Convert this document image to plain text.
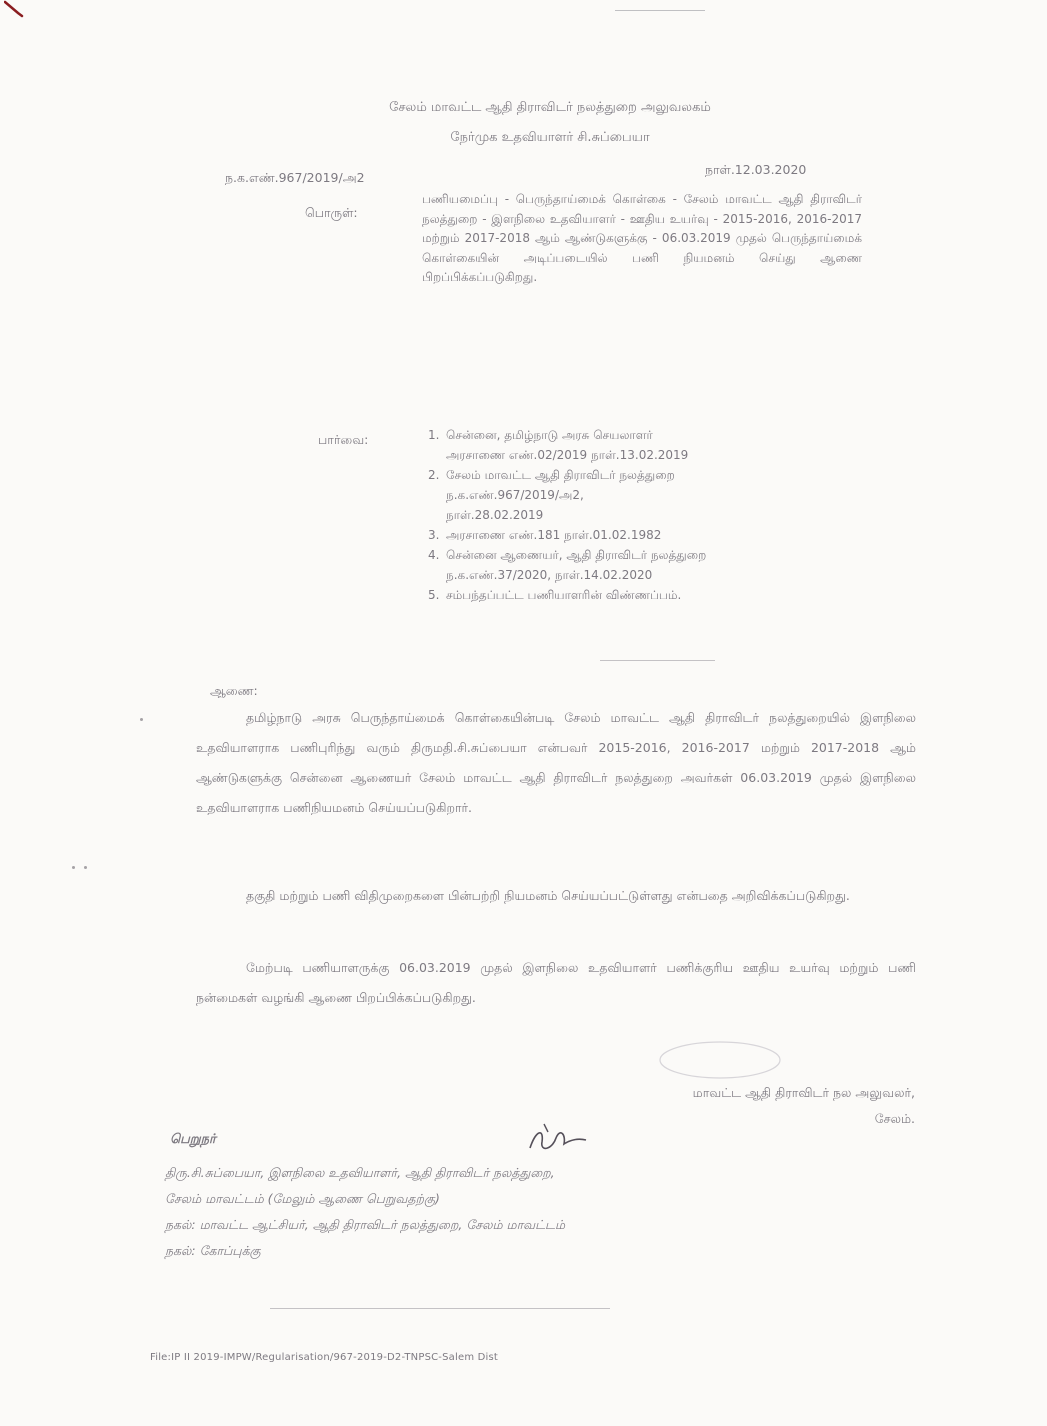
சேலம் மாவட்ட ஆதி திராவிடர் நலத்துறை அலுவலகம்
நேர்முக உதவியாளர் சி.சுப்பையா
ந.க.எண்.967/2019/அ2
நாள்.12.03.2020
பொருள்:
பணியமைப்பு - பெருந்தாய்மைக் கொள்கை - சேலம் மாவட்ட ஆதி திராவிடர் நலத்துறை - இளநிலை உதவியாளர் - ஊதிய உயர்வு - 2015-2016, 2016-2017 மற்றும் 2017-2018 ஆம் ஆண்டுகளுக்கு - 06.03.2019 முதல் பெருந்தாய்மைக் கொள்கையின் அடிப்படையில் பணி நியமனம் செய்து ஆணை பிறப்பிக்கப்படுகிறது.
பார்வை:	1. சென்னை, தமிழ்நாடு அரசு செயலாளர்
அரசாணை எண்.02/2019 நாள்.13.02.2019
2. சேலம் மாவட்ட ஆதி திராவிடர் நலத்துறை
ந.க.எண்.967/2019/அ2,
நாள்.28.02.2019
3. அரசாணை எண்.181 நாள்.01.02.1982
4. சென்னை ஆணையர், ஆதி திராவிடர் நலத்துறை
ந.க.எண்.37/2020, நாள்.14.02.2020
5. சம்பந்தப்பட்ட பணியாளரின் விண்ணப்பம்.
ஆணை:
தமிழ்நாடு அரசு பெருந்தாய்மைக் கொள்கையின்படி சேலம் மாவட்ட ஆதி திராவிடர் நலத்துறையில் இளநிலை உதவியாளராக பணிபுரிந்து வரும் திருமதி.சி.சுப்பையா என்பவர் 2015-2016, 2016-2017 மற்றும் 2017-2018 ஆம் ஆண்டுகளுக்கு சென்னை ஆணையர் சேலம் மாவட்ட ஆதி திராவிடர் நலத்துறை அவர்கள் 06.03.2019 முதல் இளநிலை உதவியாளராக பணிநியமனம் செய்யப்படுகிறார்.
தகுதி மற்றும் பணி விதிமுறைகளை பின்பற்றி நியமனம் செய்யப்பட்டுள்ளது என்பதை அறிவிக்கப்படுகிறது.
மேற்படி பணியாளருக்கு 06.03.2019 முதல் இளநிலை உதவியாளர் பணிக்குரிய ஊதிய உயர்வு மற்றும் பணி நன்மைகள் வழங்கி ஆணை பிறப்பிக்கப்படுகிறது.
மாவட்ட ஆதி திராவிடர் நல அலுவலர்,
சேலம்.
பெறுநர்
திரு.சி.சுப்பையா, இளநிலை உதவியாளர், ஆதி திராவிடர் நலத்துறை,
சேலம் மாவட்டம் (மேலும் ஆணை பெறுவதற்கு)
நகல்: மாவட்ட ஆட்சியர், ஆதி திராவிடர் நலத்துறை, சேலம் மாவட்டம்
நகல்: கோப்புக்கு
File:IP II 2019-IMPW/Regularisation/967-2019-D2-TNPSC-Salem Dist
